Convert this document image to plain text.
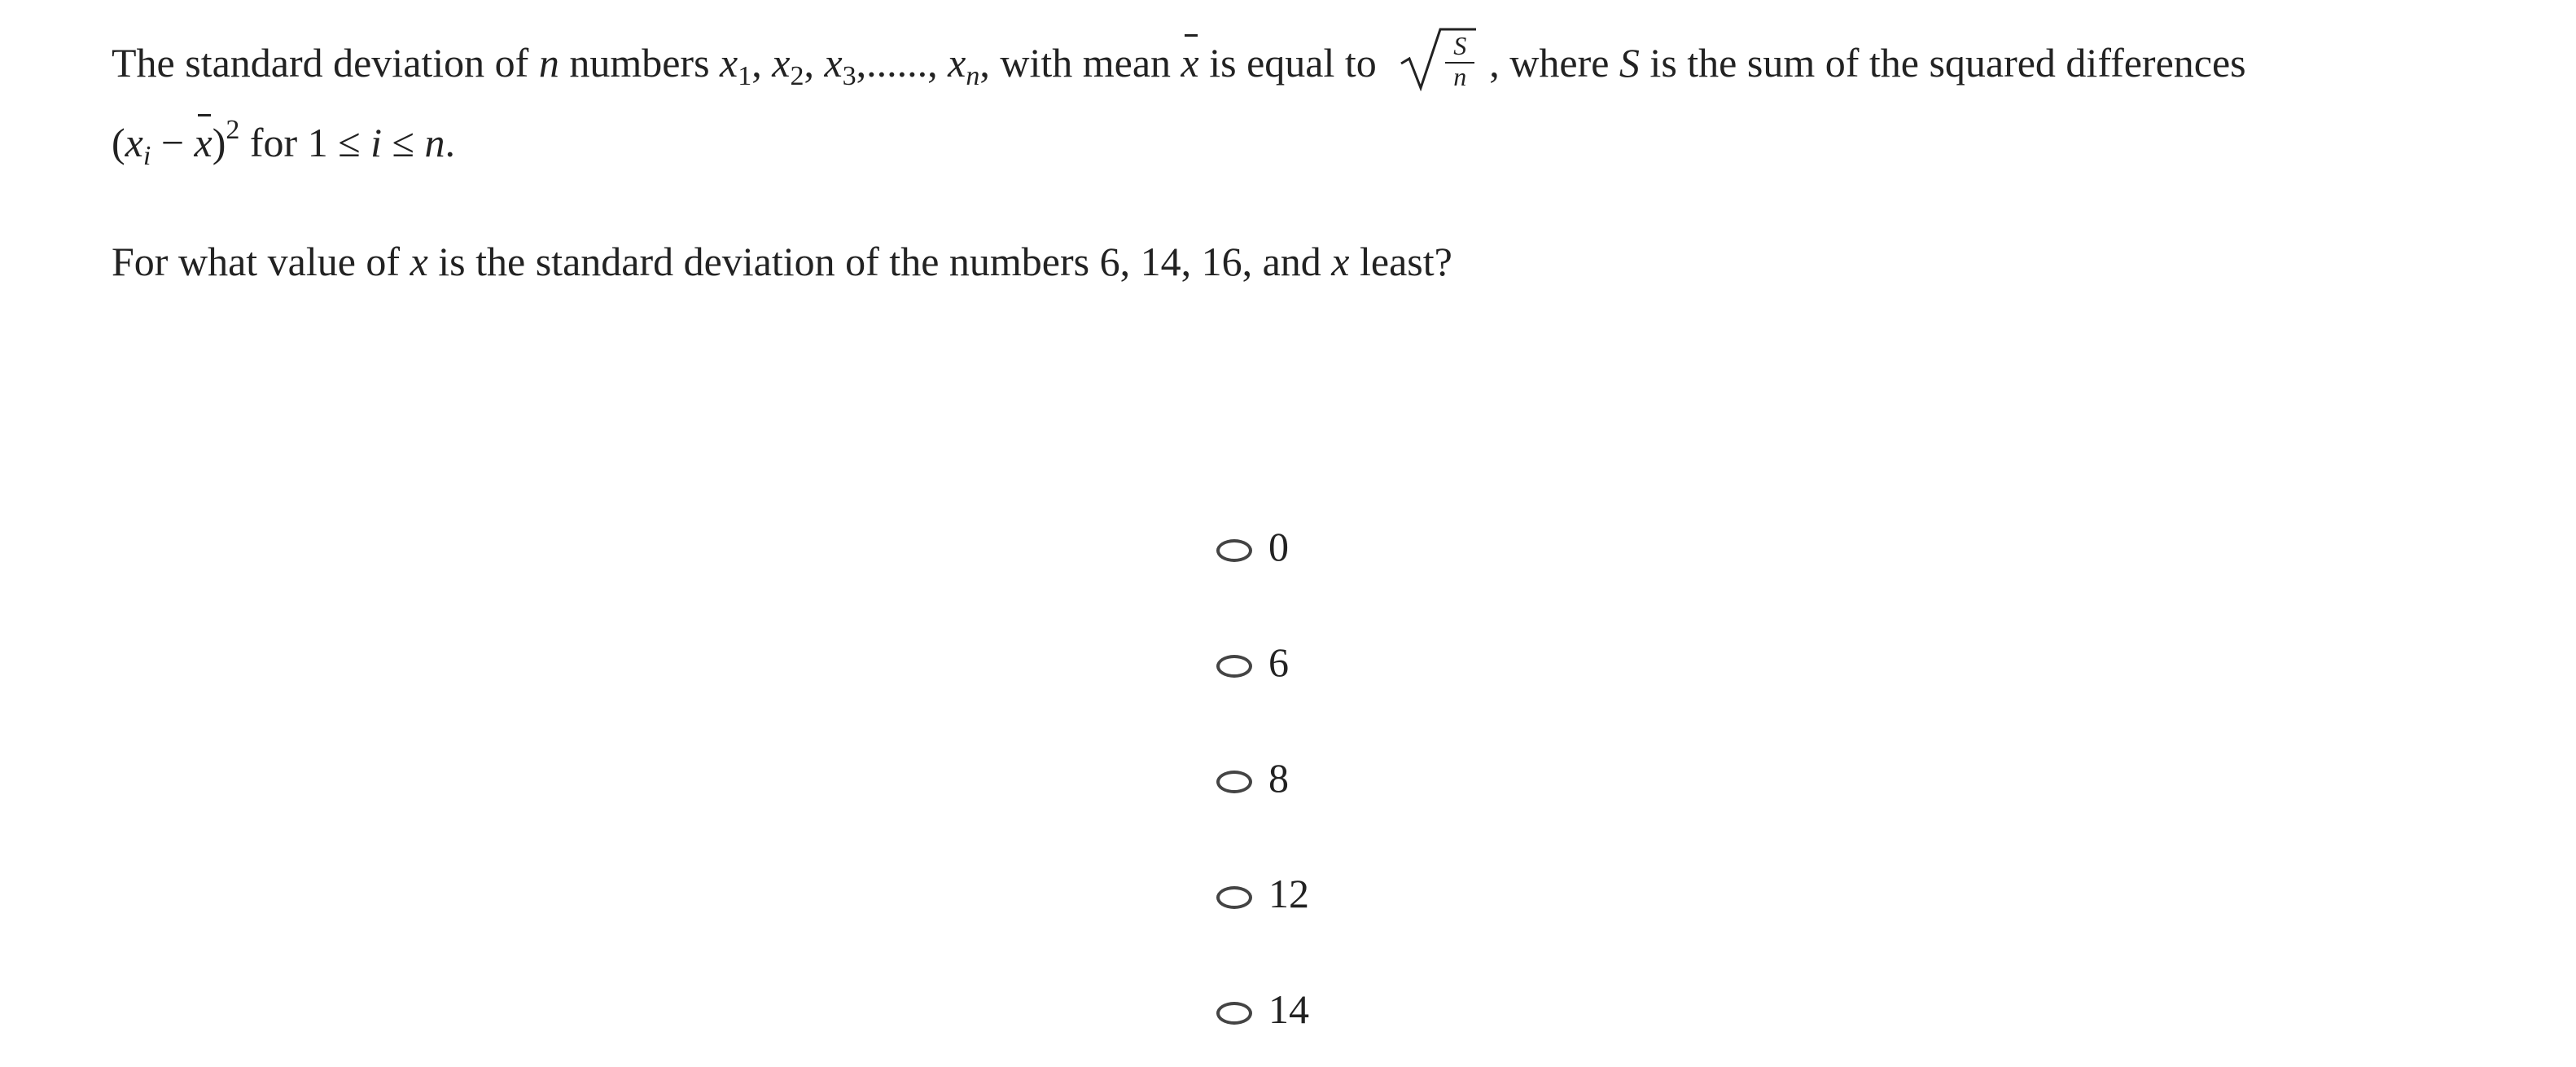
The standard deviation of n numbers $x_1$, $x_2$, $x_3$,......, $x_n$, with mean x is equal to $\frac{S}{n}$ , where S is the sum of the squared differences
$(x_i - x)^2$ for 1 ≤ i ≤ n.
For what value of x is the standard deviation of the numbers 6, 14, 16, and x least?
0
6
8
12
14
